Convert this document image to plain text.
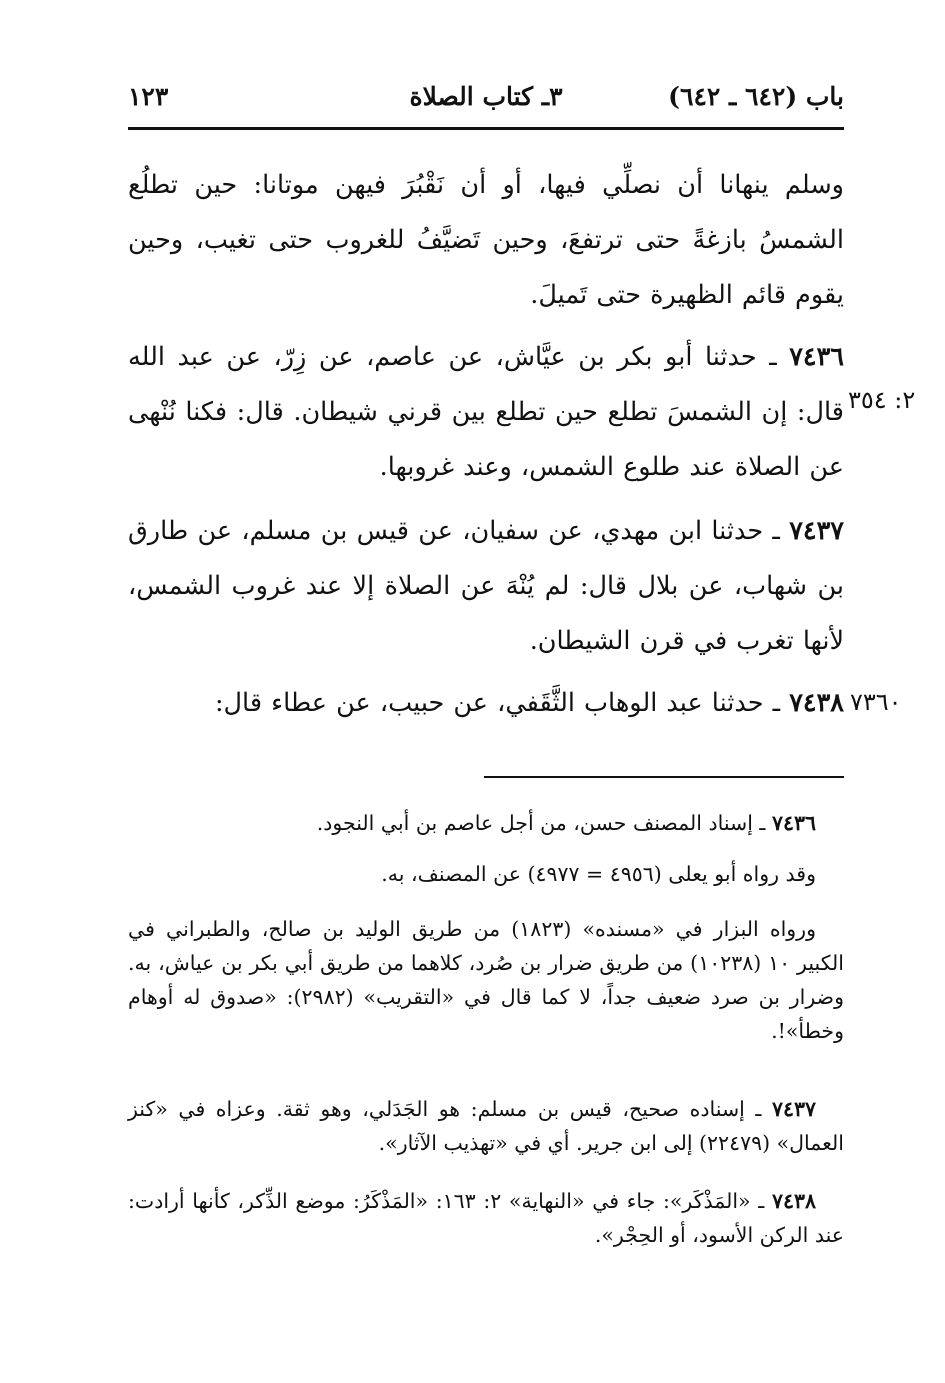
باب (٦٤٢ ـ ٦٤٢)
٣ـ كتاب الصلاة
١٢٣
وسلم ينهانا أن نصلِّي فيها، أو أن نَقْبُرَ فيهن موتانا: حين تطلُع الشمسُ بازغةً حتى ترتفعَ، وحين تَضيَّفُ للغروب حتى تغيب، وحين يقوم قائم الظهيرة حتى تَميلَ.
٧٤٣٦ ـ حدثنا أبو بكر بن عيَّاش، عن عاصم، عن زِرّ، عن عبد الله قال: إن الشمسَ تطلع حين تطلع بين قرني شيطان. قال: فكنا نُنْهى عن الصلاة عند طلوع الشمس، وعند غروبها.
٢: ٣٥٤
٧٤٣٧ ـ حدثنا ابن مهدي، عن سفيان، عن قيس بن مسلم، عن طارق بن شهاب، عن بلال قال: لم يُنْهَ عن الصلاة إلا عند غروب الشمس، لأنها تغرب في قرن الشيطان.
٧٤٣٨ ـ حدثنا عبد الوهاب الثَّقَفي، عن حبيب، عن عطاء قال:	٧٣٦٠
٧٤٣٦ ـ إسناد المصنف حسن، من أجل عاصم بن أبي النجود.
وقد رواه أبو يعلى (٤٩٥٦ = ٤٩٧٧) عن المصنف، به.
ورواه البزار في «مسنده» (١٨٢٣) من طريق الوليد بن صالح، والطبراني في الكبير ١٠ (١٠٢٣٨) من طريق ضرار بن صُرد، كلاهما من طريق أبي بكر بن عياش، به. وضرار بن صرد ضعيف جداً، لا كما قال في «التقريب» (٢٩٨٢): «صدوق له أوهام وخطأ»!.
٧٤٣٧ ـ إسناده صحيح، قيس بن مسلم: هو الجَدَلي، وهو ثقة. وعزاه في «كنز العمال» (٢٢٤٧٩) إلى ابن جرير. أي في «تهذيب الآثار».
٧٤٣٨ ـ «المَذْكَر»: جاء في «النهاية» ٢: ١٦٣: «المَذْكَرُ: موضع الذِّكر، كأنها أرادت: عند الركن الأسود، أو الحِجْر».
